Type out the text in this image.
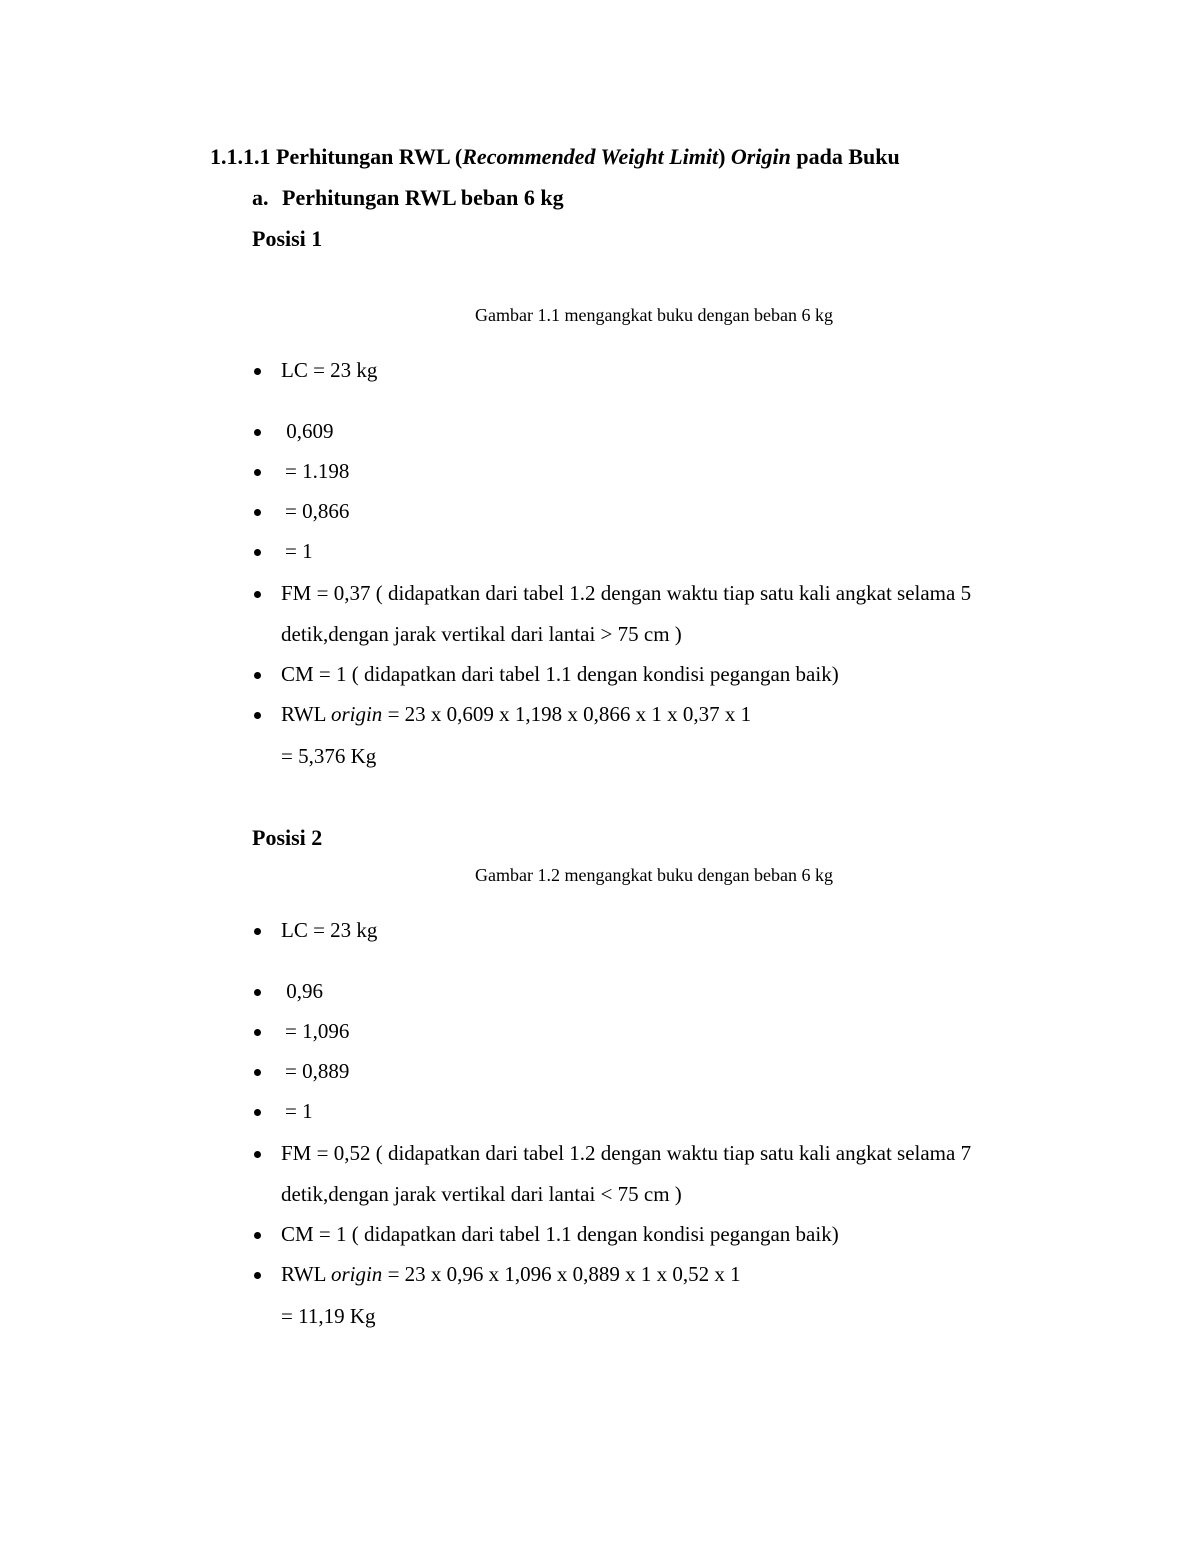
1.1.1.1 Perhitungan RWL (Recommended Weight Limit) Origin pada Buku
a. Perhitungan RWL beban 6 kg
Posisi 1
Gambar 1.1 mengangkat buku dengan beban 6 kg
LC = 23 kg
0,609
= 1.198
= 0,866
= 1
FM = 0,37 ( didapatkan dari tabel 1.2 dengan waktu tiap satu kali angkat selama 5
detik,dengan jarak vertikal dari lantai > 75 cm )
CM = 1 ( didapatkan dari tabel 1.1 dengan kondisi pegangan baik)
RWL origin = 23 x 0,609 x 1,198 x 0,866 x 1 x 0,37 x 1
= 5,376 Kg
Posisi 2
Gambar 1.2 mengangkat buku dengan beban 6 kg
LC = 23 kg
0,96
= 1,096
= 0,889
= 1
FM = 0,52 ( didapatkan dari tabel 1.2 dengan waktu tiap satu kali angkat selama 7
detik,dengan jarak vertikal dari lantai < 75 cm )
CM = 1 ( didapatkan dari tabel 1.1 dengan kondisi pegangan baik)
RWL origin = 23 x 0,96 x 1,096 x 0,889 x 1 x 0,52 x 1
= 11,19 Kg
